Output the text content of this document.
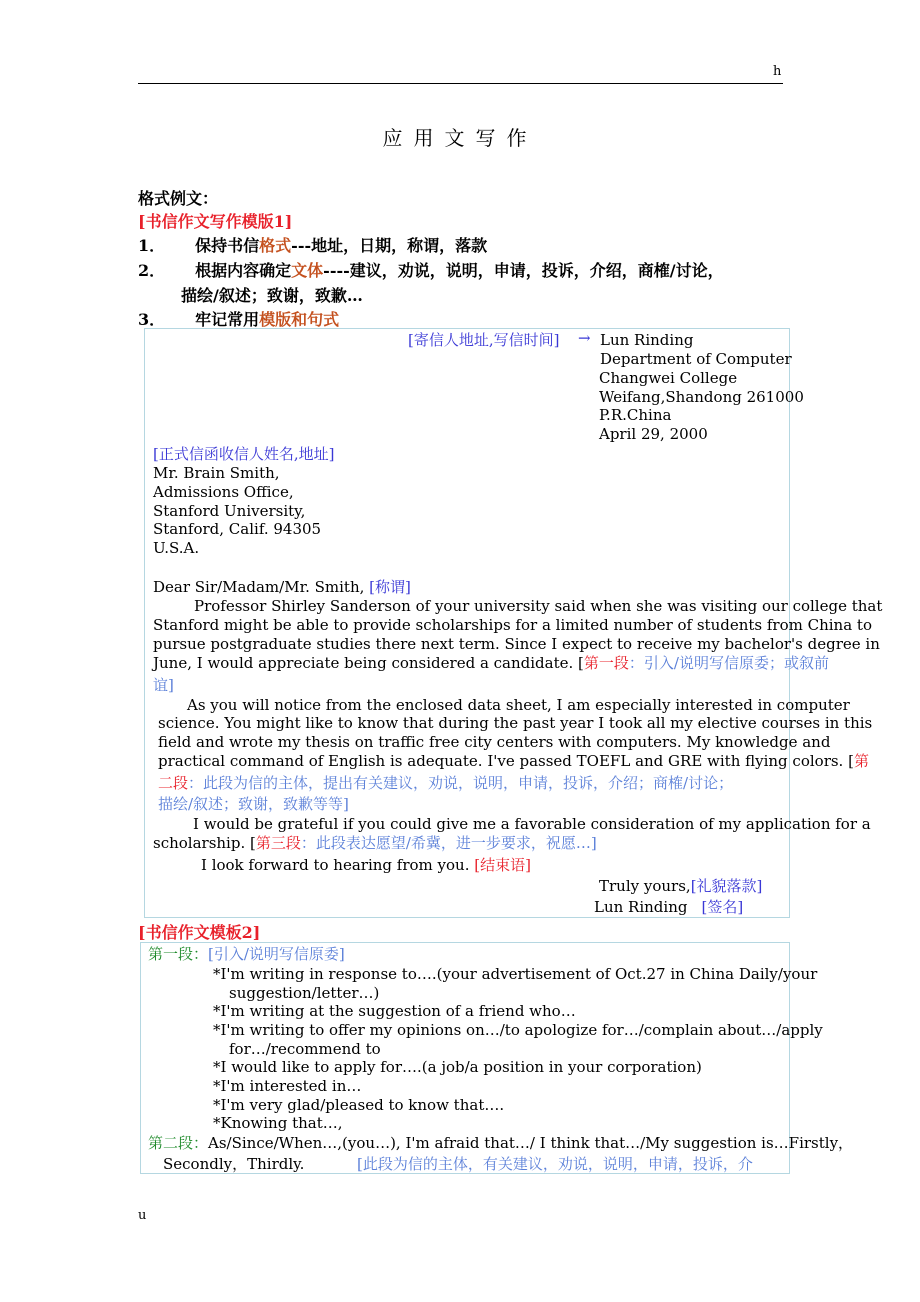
h
应用文写作
格式例文：
[书信作文写作模版1]
1． 保持书信格式---地址，日期，称谓，落款
2． 根据内容确定文体----建议，劝说，说明，申请，投诉，介绍，商榷/讨论，
描绘/叙述；致谢，致歉…
3． 牢记常用模版和句式
[寄信人地址,写信时间] → Lun Rinding
Department of Computer
Changwei College
Weifang,Shandong 261000
P.R.China
April 29, 2000
[正式信函收信人姓名,地址]
Mr. Brain Smith,
Admissions Office,
Stanford University,
Stanford, Calif. 94305
U.S.A.
Dear Sir/Madam/Mr. Smith, [称谓]
Professor Shirley Sanderson of your university said when she was visiting our college that
Stanford might be able to provide scholarships for a limited number of students from China to
pursue postgraduate studies there next term. Since I expect to receive my bachelor's degree in
June, I would appreciate being considered a candidate. [第一段：引入/说明写信原委；或叙前
谊]
As you will notice from the enclosed data sheet, I am especially interested in computer
science. You might like to know that during the past year I took all my elective courses in this
field and wrote my thesis on traffic free city centers with computers. My knowledge and
practical command of English is adequate. I've passed TOEFL and GRE with flying colors. [第
二段：此段为信的主体，提出有关建议，劝说，说明，申请，投诉，介绍；商榷/讨论；
描绘/叙述；致谢，致歉等等]
I would be grateful if you could give me a favorable consideration of my application for a
scholarship. [第三段：此段表达愿望/希冀，进一步要求，祝愿…]
I look forward to hearing from you. [结束语]
Truly yours,[礼貌落款]
Lun Rinding [签名]
[书信作文模板2]
第一段：[引入/说明写信原委]
*I'm writing in response to….(your advertisement of Oct.27 in China Daily/your
suggestion/letter…)
*I'm writing at the suggestion of a friend who…
*I'm writing to offer my opinions on…/to apologize for…/complain about…/apply
for…/recommend to
*I would like to apply for….(a job/a position in your corporation)
*I'm interested in…
*I'm very glad/pleased to know that….
*Knowing that…,
第二段：As/Since/When…,(you…), I'm afraid that…/ I think that…/My suggestion is…Firstly，
Secondly，Thirdly.	[此段为信的主体，有关建议，劝说，说明，申请，投诉，介
u
